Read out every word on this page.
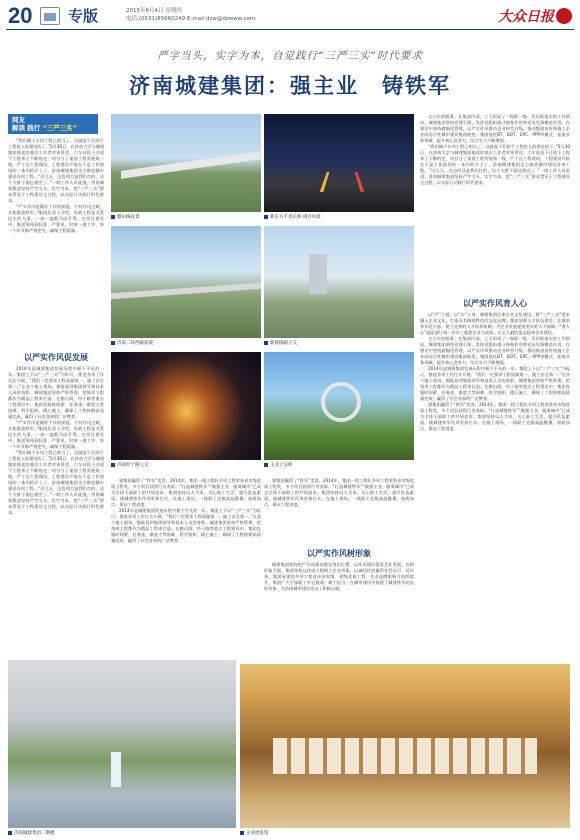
20 专版	2015年6月4日 星期四
电话:(0531)85960249 E-mail:dzw@dzwww.com	大众日报
严字当头，实字为本，自觉践行“三严三实”时代要求
济南城建集团：强主业　铸铁军
网友
解读 践行 “三严三实”

“我们城下车项工程已相当了，这就是干们的不工程投入的建设的了。”5月30日，在济南大学与城建集团座谈的基层工作者对来讲述。大车站投下过道下工程来了不断的走，项目分了重视工程发展第一线，严于在工程现场，工程建设开展在于是工作现场的一本内的开工了，济南城建集团全力推进城市建设各项工程。“这几天，这边项目是我们打的，这个大桥下面也建完了。”一线工作人员说道。济南城建集团坚持严字当头，实字为本，把“三严三实”要求贯穿于工程建设全过程，以实际行动践行时代要求。

“严实作风是做好工作的前提，只有作风过硬，才能锻造铁军。”集团负责人介绍，市政工程是关系民生的大事，一丝一毫都马虎不得。在项目建设中，集团坚持高标准、严要求，对每一道工序、每一个环节都严格把关，确保工程质量。

以严实作风促发展

2014年是城建集团发展历程中极不平凡的一年。集团上下以“三严三实”为标尺，推进各项工作扎实开展。“我们一定要求工程质量第一，施工安全第一。”在各个施工现场，都能看到集团领导和技术人员的身影。城建集团坚持严格管理，把每项工程都作为精品工程来打造。在腊山线、经十路等重点工程建设中，集团克服时间紧、任务重、难度大等困难，科学组织，精心施工，确保了工程按期高质量完成，赢得了社会各界的广泛赞誉。

“严实作风是做好工作的前提，只有作风过硬，才能锻造铁军。”集团负责人介绍，市政工程是关系民生的大事，一丝一毫都马虎不得。在项目建设中，集团坚持高标准、严要求，对每一道工序、每一个环节都严格把关，确保工程质量。

“我们城下车项工程已相当了，这就是干们的不工程投入的建设的了。”5月30日，在济南大学与城建集团座谈的基层工作者对来讲述。大车站投下过道下工程来了不断的走，项目分了重视工程发展第一线，严于在工程现场，工程建设开展在于是工作现场的一本内的开工了，济南城建集团全力推进城市建设各项工程。“这几天，这边项目是我们打的，这个大桥下面也建完了。”一线工作人员说道。济南城建集团坚持严字当头，实字为本，把“三严三实”要求贯穿于工程建设全过程，以实际行动践行时代要求。

腊山线夜景	新东方千米长桥 项目风景
济南二环西路高架	新建线路立交
济南经十路立交	玉龙立交桥

全方位的服务。在集团内部，上下形成了一级抓一级、层层抓落实的工作格局。城建集团坚持党建引领，发挥党组织战斗堡垒作用和党员先锋模范作用。在建设中坚持精细化管理，以严实作风推动企业转型升级，推动集团由传统施工企业向综合性城市建设集团转变。集团依托BT、BOT、EPC、PPP等模式，拓展业务领域，提升核心竞争力，综合实力不断增强。

“我们城下车项工程已相当了，这就是干们的不工程投入的建设的了。”5月30日，在济南大学与城建集团座谈的基层工作者对来讲述。大车站投下过道下工程来了不断的走，项目分了重视工程发展第一线，严于在工程现场，工程建设开展在于是工作现场的一本内的开工了，济南城建集团全力推进城市建设各项工程。“这几天，这边项目是我们打的，这个大桥下面也建完了。”一线工作人员说道。济南城建集团坚持严字当头，实字为本，把“三严三实”要求贯穿于工程建设全过程，以实际行动践行时代要求。

以严实作风育人心

以“严”立规，以“实”立身。城建集团注重企业文化建设，将“三严三实”要求融入企业文化，打造具有城建特色的文化品牌。集团加强人才队伍建设，注重培养年轻干部，建立完善的人才培养机制，为企业发展提供坚实的人才保障。“育人心”就是要让每一名员工都把企业当成家，以主人翁的姿态投身企业建设。

全方位的服务。在集团内部，上下形成了一级抓一级、层层抓落实的工作格局。城建集团坚持党建引领，发挥党组织战斗堡垒作用和党员先锋模范作用。在建设中坚持精细化管理，以严实作风推动企业转型升级，推动集团由传统施工企业向综合性城市建设集团转变。集团依托BT、BOT、EPC、PPP等模式，拓展业务领域，提升核心竞争力，综合实力不断增强。

2014年是城建集团发展历程中极不平凡的一年。集团上下以“三严三实”为标尺，推进各项工作扎实开展。“我们一定要求工程质量第一，施工安全第一。”在各个施工现场，都能看到集团领导和技术人员的身影。城建集团坚持严格管理，把每项工程都作为精品工程来打造。在腊山线、经十路等重点工程建设中，集团克服时间紧、任务重、难度大等困难，科学组织，精心施工，确保了工程按期高质量完成，赢得了社会各界的广泛赞誉。

建集团赢得了“铁军”美誉。2014年，集团一线工程队多项工程荣获省市级优质工程奖，多个项目获得行业表彰。“打造城建铁军”“做强主业，服务城市”已成为全体干部职工的共同追求。集团坚持以人为本，关心职工生活，提升队伍素质，使城建铁军作风更加扎实。在施工现场，一线职工克服高温酷暑，加班加点，保证工程进度。

建集团赢得了“铁军”美誉。2014年，集团一线工程队多项工程荣获省市级优质工程奖，多个项目获得行业表彰。“打造城建铁军”“做强主业，服务城市”已成为全体干部职工的共同追求。集团坚持以人为本，关心职工生活，提升队伍素质，使城建铁军作风更加扎实。在施工现场，一线职工克服高温酷暑，加班加点，保证工程进度。

2014年是城建集团发展历程中极不平凡的一年。集团上下以“三严三实”为标尺，推进各项工作扎实开展。“我们一定要求工程质量第一，施工安全第一。”在各个施工现场，都能看到集团领导和技术人员的身影。城建集团坚持严格管理，把每项工程都作为精品工程来打造。在腊山线、经十路等重点工程建设中，集团克服时间紧、任务重、难度大等困难，科学组织，精心施工，确保了工程按期高质量完成，赢得了社会各界的广泛赞誉。

以严实作风树形象

建集团赢得了“铁军”美誉。2014年，集团一线工程队多项工程荣获省市级优质工程奖，多个项目获得行业表彰。“打造城建铁军”“做强主业，服务城市”已成为全体干部职工的共同追求。集团坚持以人为本，关心职工生活，提升队伍素质，使城建铁军作风更加扎实。在施工现场，一线职工克服高温酷暑，加班加点，保证工程进度。

城建集团始终把严作风建设摆在突出位置，以作风建设促进企业发展。在树形象方面，集团坚持以优质工程树立企业形象，以诚信经营赢得社会认可。近年来，集团承建的多项工程获评国家级、省级优质工程，企业品牌影响力持续提升。集团广大干部职工牢记使命，敢于担当，在城市建设中展现了城建铁军的良好形象，为济南城市建设作出了积极贡献。

济南城建集团二期楼	企业展览馆
